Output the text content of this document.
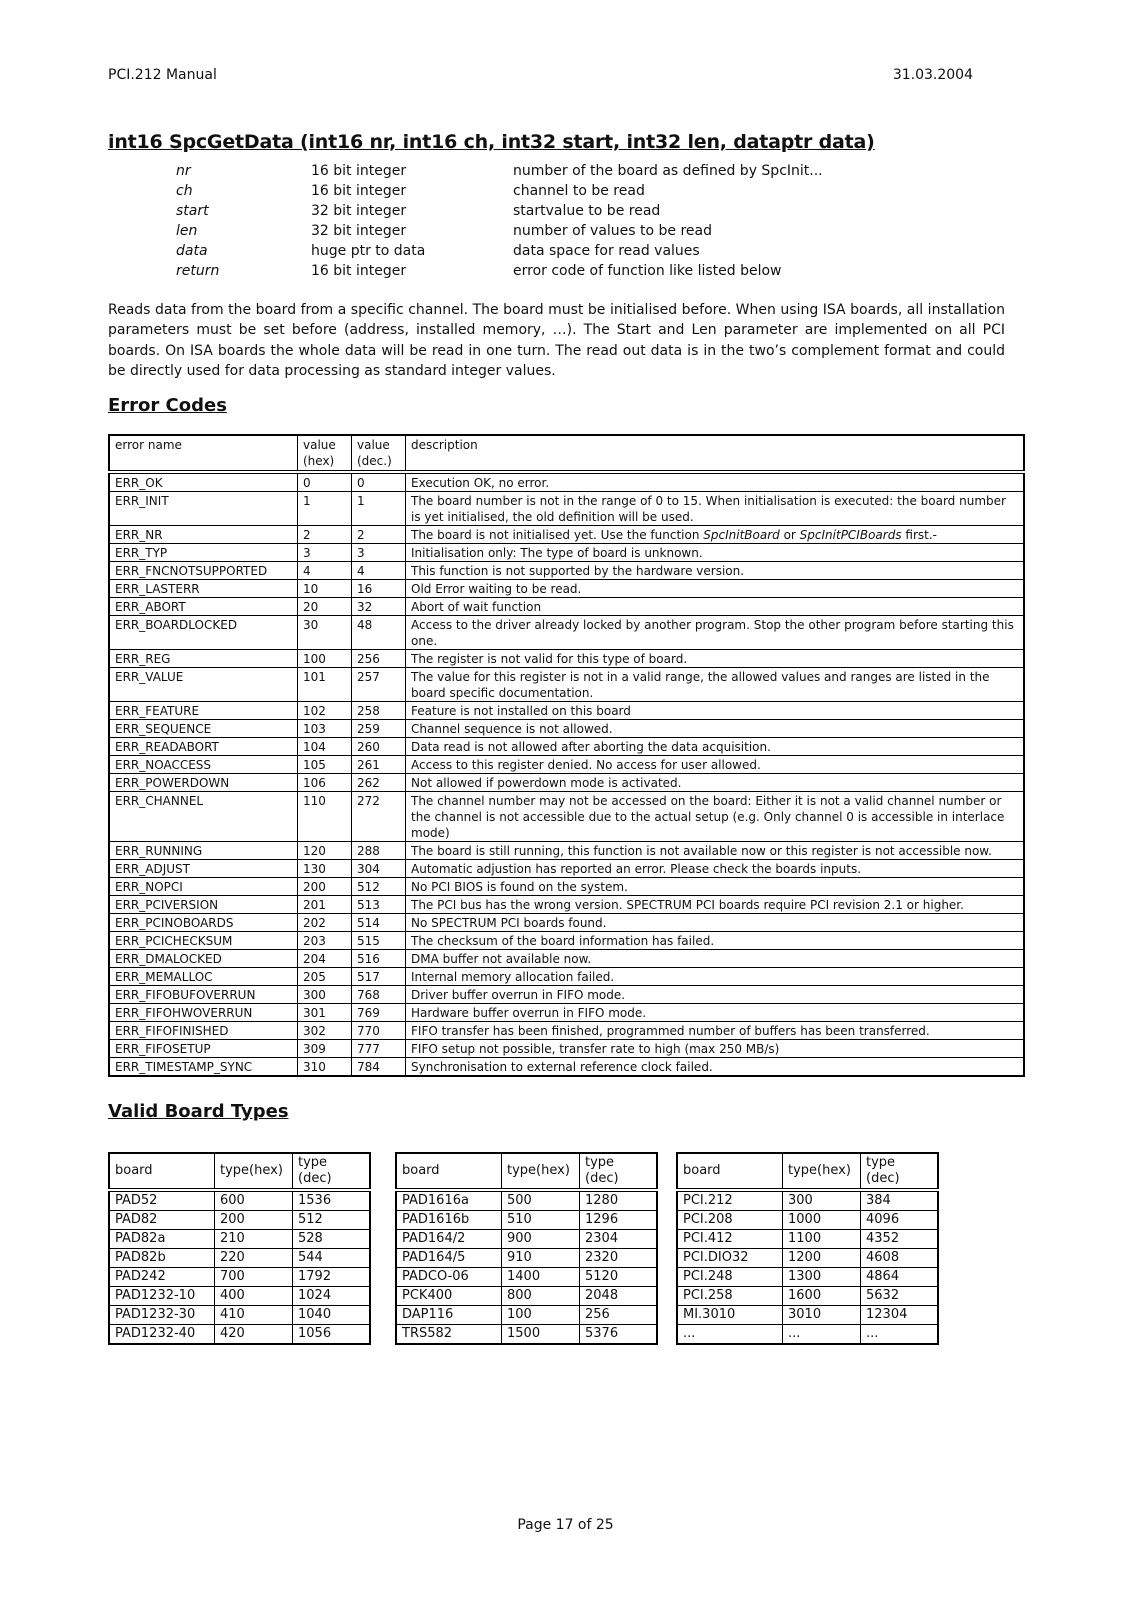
PCI.212 Manual	31.03.2004
int16 SpcGetData (int16 nr, int16 ch, int32 start, int32 len, dataptr data)
nr	16 bit integer	number of the board as defined by SpcInit...
ch	16 bit integer	channel to be read
start	32 bit integer	startvalue to be read
len	32 bit integer	number of values to be read
data	huge ptr to data	data space for read values
return	16 bit integer	error code of function like listed below
Reads data from the board from a specific channel. The board must be initialised before. When using ISA boards, all installation parameters must be set before (address, installed memory, …). The Start and Len parameter are implemented on all PCI boards. On ISA boards the whole data will be read in one turn. The read out data is in the two’s complement format and could be directly used for data processing as standard integer values.
Error Codes
error name	value (hex)	value (dec.)	description
ERR_OK	0	0	Execution OK, no error.
ERR_INIT	1	1	The board number is not in the range of 0 to 15. When initialisation is executed: the board number is yet initialised, the old definition will be used.
ERR_NR	2	2	The board is not initialised yet. Use the function SpcInitBoard or SpcInitPCIBoards first.-
ERR_TYP	3	3	Initialisation only: The type of board is unknown.
ERR_FNCNOTSUPPORTED	4	4	This function is not supported by the hardware version.
ERR_LASTERR	10	16	Old Error waiting to be read.
ERR_ABORT	20	32	Abort of wait function
ERR_BOARDLOCKED	30	48	Access to the driver already locked by another program. Stop the other program before starting this one.
ERR_REG	100	256	The register is not valid for this type of board.
ERR_VALUE	101	257	The value for this register is not in a valid range, the allowed values and ranges are listed in the board specific documentation.
ERR_FEATURE	102	258	Feature is not installed on this board
ERR_SEQUENCE	103	259	Channel sequence is not allowed.
ERR_READABORT	104	260	Data read is not allowed after aborting the data acquisition.
ERR_NOACCESS	105	261	Access to this register denied. No access for user allowed.
ERR_POWERDOWN	106	262	Not allowed if powerdown mode is activated.
ERR_CHANNEL	110	272	The channel number may not be accessed on the board: Either it is not a valid channel number or the channel is not accessible due to the actual setup (e.g. Only channel 0 is accessible in interlace mode)
ERR_RUNNING	120	288	The board is still running, this function is not available now or this register is not accessible now.
ERR_ADJUST	130	304	Automatic adjustion has reported an error. Please check the boards inputs.
ERR_NOPCI	200	512	No PCI BIOS is found on the system.
ERR_PCIVERSION	201	513	The PCI bus has the wrong version. SPECTRUM PCI boards require PCI revision 2.1 or higher.
ERR_PCINOBOARDS	202	514	No SPECTRUM PCI boards found.
ERR_PCICHECKSUM	203	515	The checksum of the board information has failed.
ERR_DMALOCKED	204	516	DMA buffer not available now.
ERR_MEMALLOC	205	517	Internal memory allocation failed.
ERR_FIFOBUFOVERRUN	300	768	Driver buffer overrun in FIFO mode.
ERR_FIFOHWOVERRUN	301	769	Hardware buffer overrun in FIFO mode.
ERR_FIFOFINISHED	302	770	FIFO transfer has been finished, programmed number of buffers has been transferred.
ERR_FIFOSETUP	309	777	FIFO setup not possible, transfer rate to high (max 250 MB/s)
ERR_TIMESTAMP_SYNC	310	784	Synchronisation to external reference clock failed.
Valid Board Types
board	type(hex)	type (dec)
PAD52	600	1536
PAD82	200	512
PAD82a	210	528
PAD82b	220	544
PAD242	700	1792
PAD1232-10	400	1024
PAD1232-30	410	1040
PAD1232-40	420	1056
board	type(hex)	type (dec)
PAD1616a	500	1280
PAD1616b	510	1296
PAD164/2	900	2304
PAD164/5	910	2320
PADCO-06	1400	5120
PCK400	800	2048
DAP116	100	256
TRS582	1500	5376
board	type(hex)	type (dec)
PCI.212	300	384
PCI.208	1000	4096
PCI.412	1100	4352
PCI.DIO32	1200	4608
PCI.248	1300	4864
PCI.258	1600	5632
MI.3010	3010	12304
...	...	...
Page 17 of 25
